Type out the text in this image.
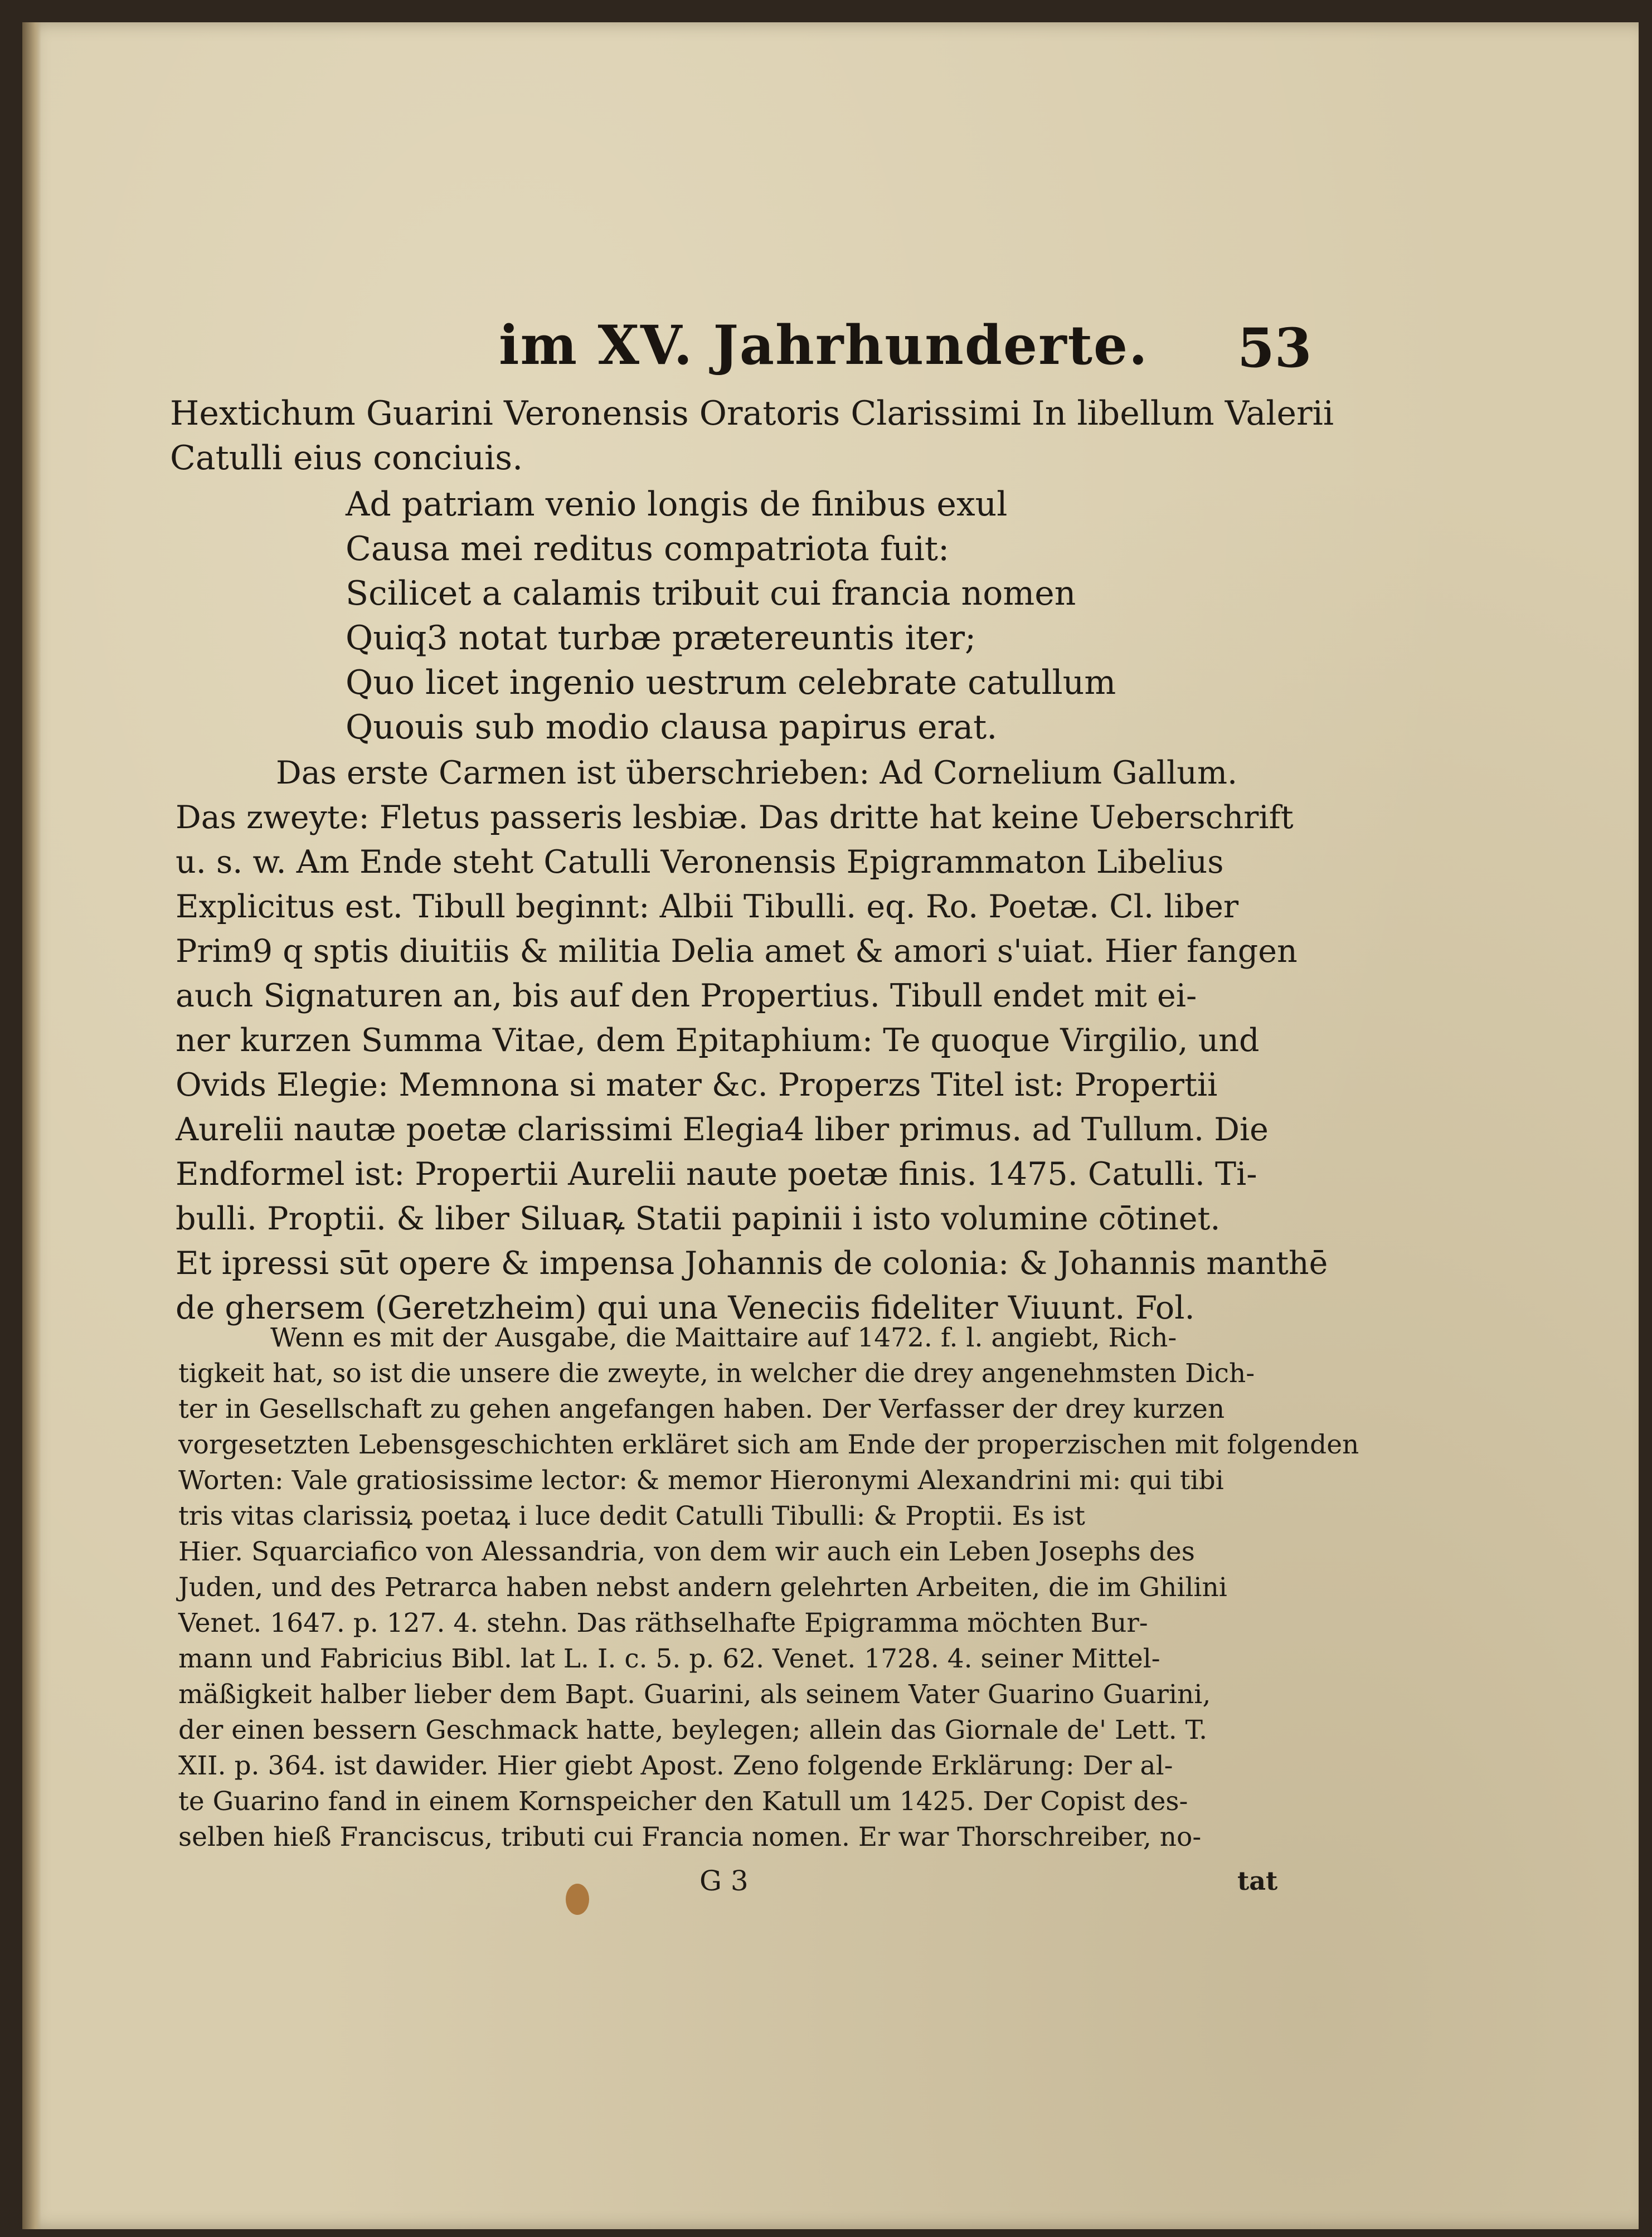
im XV. Jahrhunderte.	53
Hextichum Guarini Veronensis Oratoris Clarissimi In libellum Valerii
Catulli eius conciuis.
Ad patriam venio longis de finibus exul
Causa mei reditus compatriota fuit:
Scilicet a calamis tribuit cui francia nomen
Quiq3 notat turbæ prætereuntis iter;
Quo licet ingenio uestrum celebrate catullum
Quouis sub modio clausa papirus erat.
Das erste Carmen ist überschrieben: Ad Cornelium Gallum.
Das zweyte: Fletus passeris lesbiæ. Das dritte hat keine Ueberschrift
u. s. w. Am Ende steht Catulli Veronensis Epigrammaton Libelius
Explicitus est. Tibull beginnt: Albii Tibulli. eq. Ro. Poetæ. Cl. liber
Prim9 q sptis diuitiis & militia Delia amet & amori s'uiat. Hier fangen
auch Signaturen an, bis auf den Propertius. Tibull endet mit ei-
ner kurzen Summa Vitae, dem Epitaphium: Te quoque Virgilio, und
Ovids Elegie: Memnona si mater &c. Properzs Titel ist: Propertii
Aurelii nautæ poetæ clarissimi Elegia4 liber primus. ad Tullum. Die
Endformel ist: Propertii Aurelii naute poetæ finis. 1475. Catulli. Ti-
bulli. Proptii. & liber Siluaꝶ Statii papinii i isto volumine cōtinet.
Et ipressi sūt opere & impensa Johannis de colonia: & Johannis manthē
de ghersem (Geretzheim) qui una Veneciis fideliter Viuunt. Fol.
Wenn es mit der Ausgabe, die Maittaire auf 1472. f. l. angiebt, Rich-
tigkeit hat, so ist die unsere die zweyte, in welcher die drey angenehmsten Dich-
ter in Gesellschaft zu gehen angefangen haben. Der Verfasser der drey kurzen
vorgesetzten Lebensgeschichten erkläret sich am Ende der properzischen mit folgenden
Worten: Vale gratiosissime lector: & memor Hieronymi Alexandrini mi: qui tibi
tris vitas clarissiꝝ poetaꝝ i luce dedit Catulli Tibulli: & Proptii. Es ist
Hier. Squarciafico von Alessandria, von dem wir auch ein Leben Josephs des
Juden, und des Petrarca haben nebst andern gelehrten Arbeiten, die im Ghilini
Venet. 1647. p. 127. 4. stehn. Das räthselhafte Epigramma möchten Bur-
mann und Fabricius Bibl. lat L. I. c. 5. p. 62. Venet. 1728. 4. seiner Mittel-
mäßigkeit halber lieber dem Bapt. Guarini, als seinem Vater Guarino Guarini,
der einen bessern Geschmack hatte, beylegen; allein das Giornale de' Lett. T.
XII. p. 364. ist dawider. Hier giebt Apost. Zeno folgende Erklärung: Der al-
te Guarino fand in einem Kornspeicher den Katull um 1425. Der Copist des-
selben hieß Franciscus, tributi cui Francia nomen. Er war Thorschreiber, no-
G 3	tat
